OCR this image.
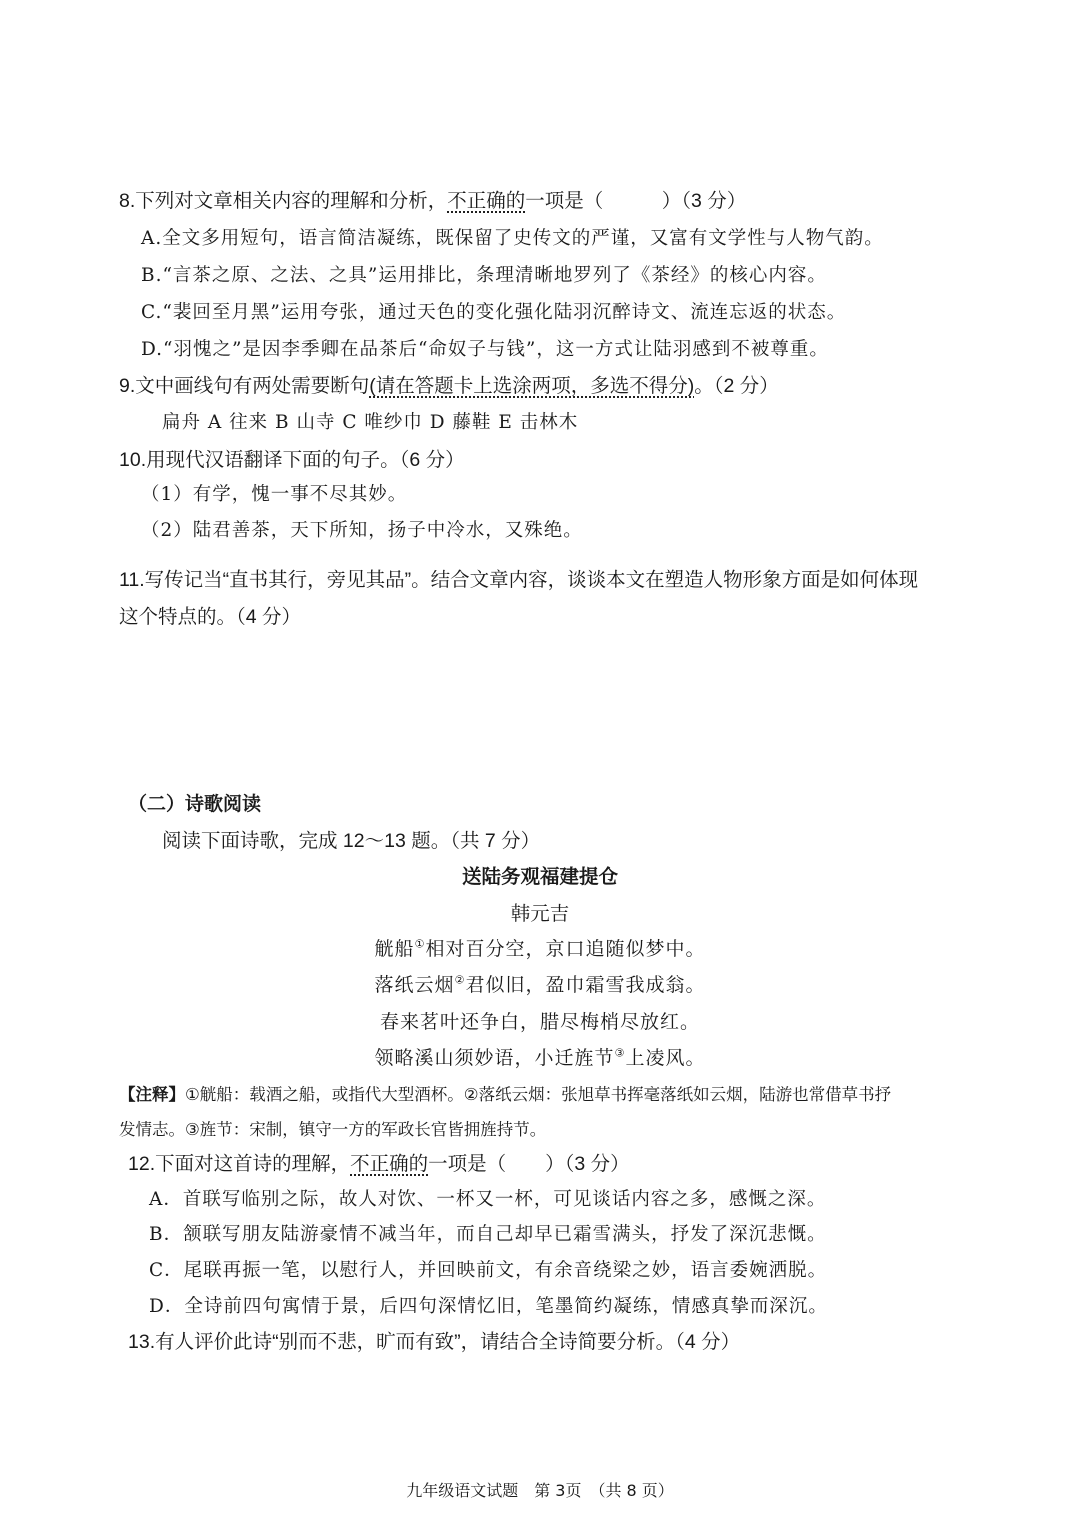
8.下列对文章相关内容的理解和分析，不正确的一项是（　　　）（3 分）
A.全文多用短句，语言简洁凝练，既保留了史传文的严谨，又富有文学性与人物气韵。
B.“言茶之原、之法、之具”运用排比，条理清晰地罗列了《茶经》的核心内容。
C.“裴回至月黑”运用夸张，通过天色的变化强化陆羽沉醉诗文、流连忘返的状态。
D.“羽愧之”是因李季卿在品茶后“命奴子与钱”，这一方式让陆羽感到不被尊重。
9.文中画线句有两处需要断句(请在答题卡上选涂两项，多选不得分)。（2 分）
扁舟 A 往来 B 山寺 C 唯纱巾 D 藤鞋 E 击林木
10.用现代汉语翻译下面的句子。（6 分）
（1）有学，愧一事不尽其妙。
（2）陆君善茶，天下所知，扬子中冷水，又殊绝。
11.写传记当“直书其行，旁见其品”。结合文章内容，谈谈本文在塑造人物形象方面是如何体现
这个特点的。（4 分）
（二）诗歌阅读
阅读下面诗歌，完成 12～13 题。（共 7 分）
送陆务观福建提仓
韩元吉
觥船①相对百分空，京口追随似梦中。
落纸云烟②君似旧，盈巾霜雪我成翁。
春来茗叶还争白，腊尽梅梢尽放红。
领略溪山须妙语，小迁旌节③上凌风。
【注释】①觥船：载酒之船，或指代大型酒杯。②落纸云烟：张旭草书挥毫落纸如云烟，陆游也常借草书抒
发情志。③旌节：宋制，镇守一方的军政长官皆拥旌持节。
12.下面对这首诗的理解，不正确的一项是（　　）（3 分）
A．首联写临别之际，故人对饮、一杯又一杯，可见谈话内容之多，感慨之深。
B．颔联写朋友陆游豪情不减当年，而自己却早已霜雪满头，抒发了深沉悲慨。
C．尾联再振一笔，以慰行人，并回映前文，有余音绕梁之妙，语言委婉洒脱。
D．全诗前四句寓情于景，后四句深情忆旧，笔墨简约凝练，情感真挚而深沉。
13.有人评价此诗“别而不悲，旷而有致”，请结合全诗简要分析。（4 分）
九年级语文试题　第 3页　（共 8 页）
